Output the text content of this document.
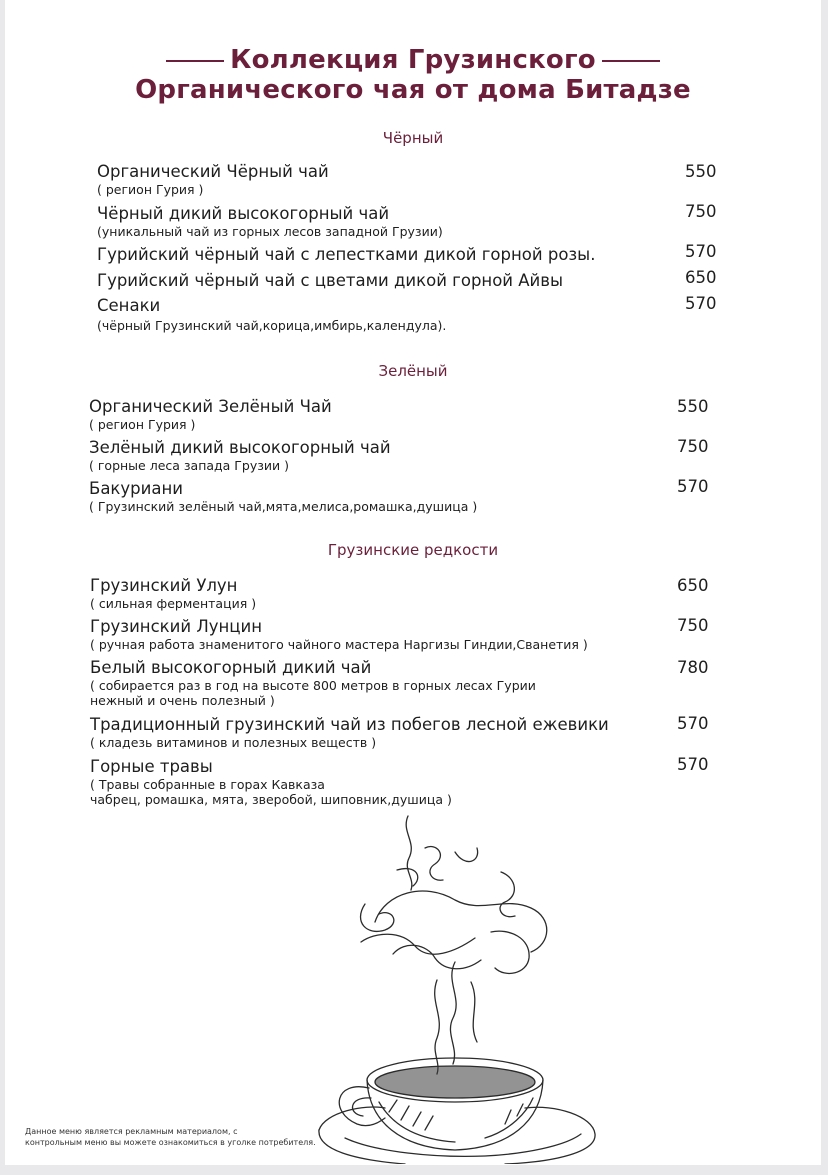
Коллекция Грузинского
Органического чая от дома Битадзе
Чёрный
Органический Чёрный чай
( регион Гурия )
550
Чёрный дикий высокогорный чай
(уникальный чай из горных лесов западной Грузии)
750
Гурийский чёрный чай с лепестками дикой горной розы.	570
Гурийский чёрный чай с цветами дикой горной Айвы	650
Сенаки
(чёрный Грузинский чай,корица,имбирь,календула).
570
Зелёный
Органический Зелёный Чай
( регион Гурия )
550
Зелёный дикий высокогорный чай
( горные леса запада Грузии )
750
Бакуриани
( Грузинский зелёный чай,мята,мелиса,ромашка,душица )
570
Грузинские редкости
Грузинский Улун
( сильная ферментация )
650
Грузинский Лунцин
( ручная работа знаменитого чайного мастера Наргизы Гиндии,Сванетия )
750
Белый высокогорный дикий чай
( собирается раз в год на высоте 800 метров в горных лесах Гурии
нежный и очень полезный )
780
Традиционный грузинский чай из побегов лесной ежевики
( кладезь витаминов и полезных веществ )
570
Горные травы
( Травы собранные в горах Кавказа
чабрец, ромашка, мята, зверобой, шиповник,душица )
570
Данное меню является рекламным материалом, с
контрольным меню вы можете ознакомиться в уголке потребителя.
